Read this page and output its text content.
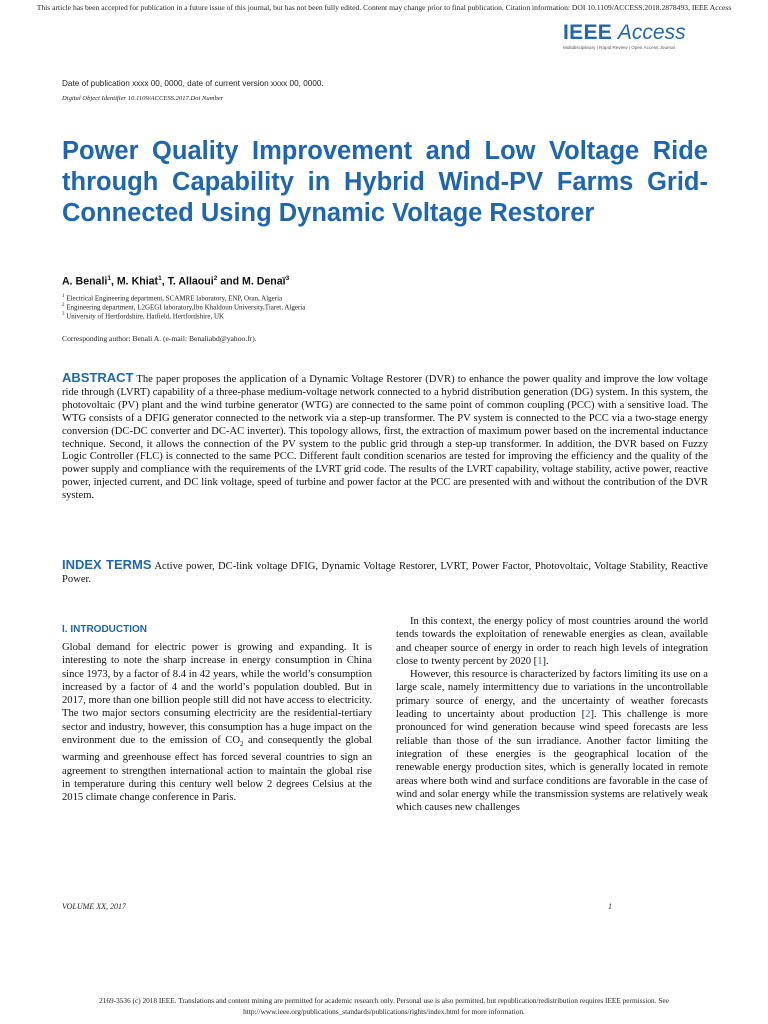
This article has been accepted for publication in a future issue of this journal, but has not been fully edited. Content may change prior to final publication. Citation information: DOI 10.1109/ACCESS.2018.2878493, IEEE Access
IEEE Access
Multidisciplinary | Rapid Review | Open Access Journal
Date of publication xxxx 00, 0000, date of current version xxxx 00, 0000.
Digital Object Identifier 10.1109/ACCESS.2017.Doi Number
Power Quality Improvement and Low Voltage Ride through Capability in Hybrid Wind-PV Farms Grid-Connected Using Dynamic Voltage Restorer
A. Benali$^1$, M. Khiat$^1$, T. Allaoui$^2$ and M. Denaï$^3$
$^1$ Electrical Engineering department, SCAMRE laboratory, ENP, Oran, Algeria
$^2$ Engineering department, L2GEGI laboratory,Ibn Khaldoun University,Tiaret, Algeria
$^3$ University of Hertfordshire, Hatfield, Hertfordshire, UK
Corresponding author: Benali A. (e-mail: Benaliabd@yahoo.fr).

ABSTRACT The paper proposes the application of a Dynamic Voltage Restorer (DVR) to enhance the power quality and improve the low voltage ride through (LVRT) capability of a three-phase medium-voltage network connected to a hybrid distribution generation (DG) system. In this system, the photovoltaic (PV) plant and the wind turbine generator (WTG) are connected to the same point of common coupling (PCC) with a sensitive load. The WTG consists of a DFIG generator connected to the network via a step-up transformer. The PV system is connected to the PCC via a two-stage energy conversion (DC-DC converter and DC-AC inverter). This topology allows, first, the extraction of maximum power based on the incremental inductance technique. Second, it allows the connection of the PV system to the public grid through a step-up transformer. In addition, the DVR based on Fuzzy Logic Controller (FLC) is connected to the same PCC. Different fault condition scenarios are tested for improving the efficiency and the quality of the power supply and compliance with the requirements of the LVRT grid code. The results of the LVRT capability, voltage stability, active power, reactive power, injected current, and DC link voltage, speed of turbine and power factor at the PCC are presented with and without the contribution of the DVR system.

INDEX TERMS Active power, DC-link voltage DFIG, Dynamic Voltage Restorer, LVRT, Power Factor, Photovoltaic, Voltage Stability, Reactive Power.

I. INTRODUCTION

Global demand for electric power is growing and expanding. It is interesting to note the sharp increase in energy consumption in China since 1973, by a factor of 8.4 in 42 years, while the world’s consumption increased by a factor of 4 and the world’s population doubled. But in 2017, more than one billion people still did not have access to electricity. The two major sectors consuming electricity are the residential-tertiary sector and industry, however, this consumption has a huge impact on the environment due to the emission of $CO_2$ and consequently the global warming and greenhouse effect has forced several countries to sign an agreement to strengthen international action to maintain the global rise in temperature during this century well below 2 degrees Celsius at the 2015 climate change conference in Paris.

In this context, the energy policy of most countries around the world tends towards the exploitation of renewable energies as clean, available and cheaper source of energy in order to reach high levels of integration close to twenty percent by 2020 [1].

However, this resource is characterized by factors limiting its use on a large scale, namely intermittency due to variations in the uncontrollable primary source of energy, and the uncertainty of weather forecasts leading to uncertainty about production [2]. This challenge is more pronounced for wind generation because wind speed forecasts are less reliable than those of the sun irradiance. Another factor limiting the integration of these energies is the geographical location of the renewable energy production sites, which is generally located in remote areas where both wind and surface conditions are favorable in the case of wind and solar energy while the transmission systems are relatively weak which causes new challenges

VOLUME XX, 2017	1
2169-3536 (c) 2018 IEEE. Translations and content mining are permitted for academic research only. Personal use is also permitted, but republication/redistribution requires IEEE permission. See http://www.ieee.org/publications_standards/publications/rights/index.html for more information.
